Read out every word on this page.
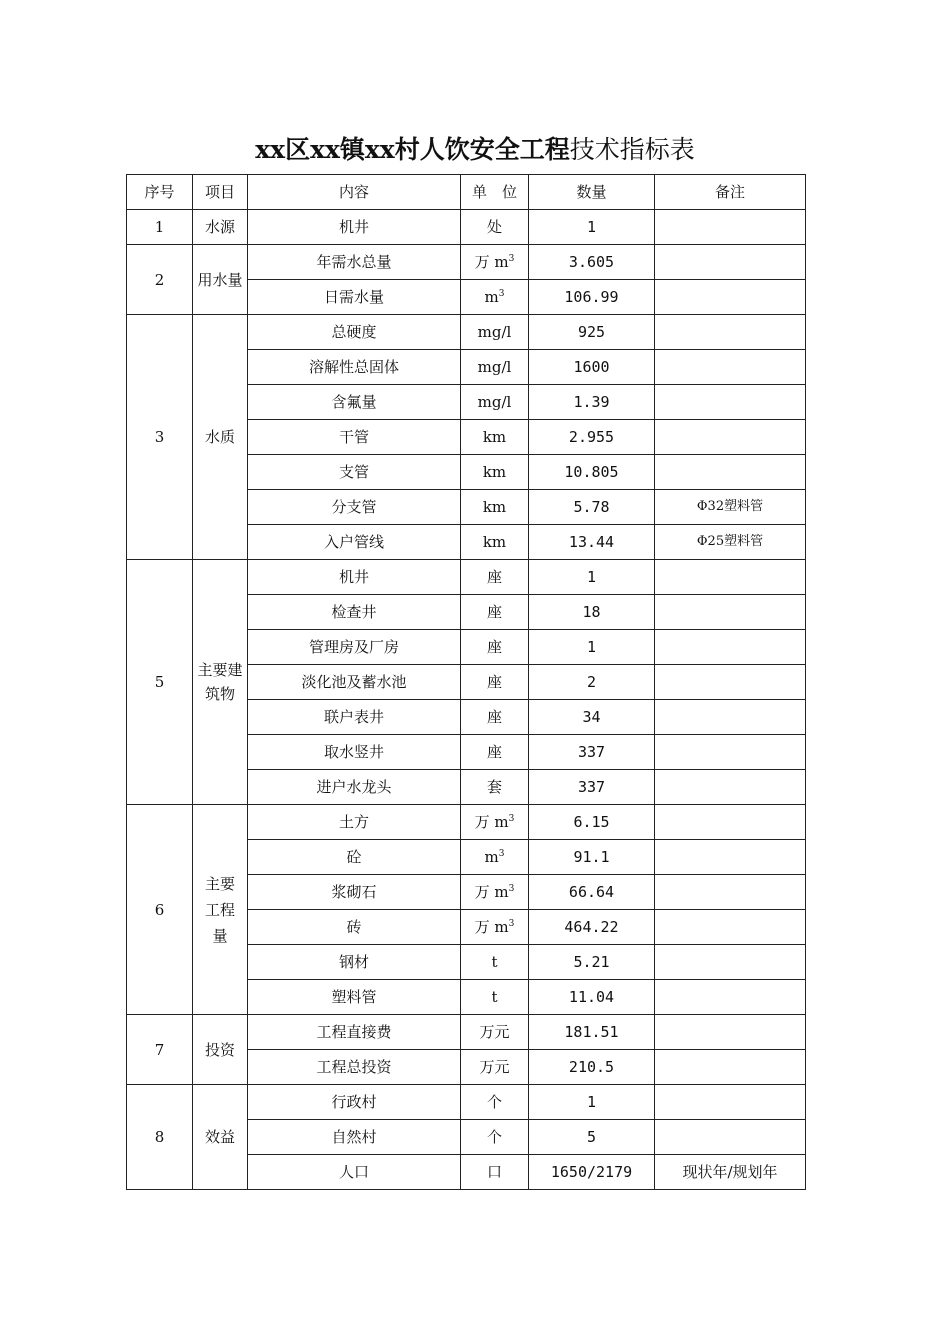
xx区xx镇xx村人饮安全工程技术指标表
序号	项目	内容	单　位	数量	备注
1	水源	机井	处	1	
2	用水量	年需水总量	万 $m^3$	3.605	
		日需水量	$m^3$	106.99	
3	水质	总硬度	mg/l	925	
		溶解性总固体	mg/l	1600	
		含氟量	mg/l	1.39	
		干管	km	2.955	
		支管	km	10.805	
		分支管	km	5.78	Φ32塑料管
		入户管线	km	13.44	Φ25塑料管
5	主要建筑物	机井	座	1	
		检查井	座	18	
		管理房及厂房	座	1	
		淡化池及蓄水池	座	2	
		联户表井	座	34	
		取水竖井	座	337	
		进户水龙头	套	337	
6	主要工程量	土方	万 $m^3$	6.15	
		砼	$m^3$	91.1	
		浆砌石	万 $m^3$	66.64	
		砖	万 $m^3$	464.22	
		钢材	t	5.21	
		塑料管	t	11.04	
7	投资	工程直接费	万元	181.51	
		工程总投资	万元	210.5	
8	效益	行政村	个	1	
		自然村	个	5	
		人口	口	1650/2179	现状年/规划年
